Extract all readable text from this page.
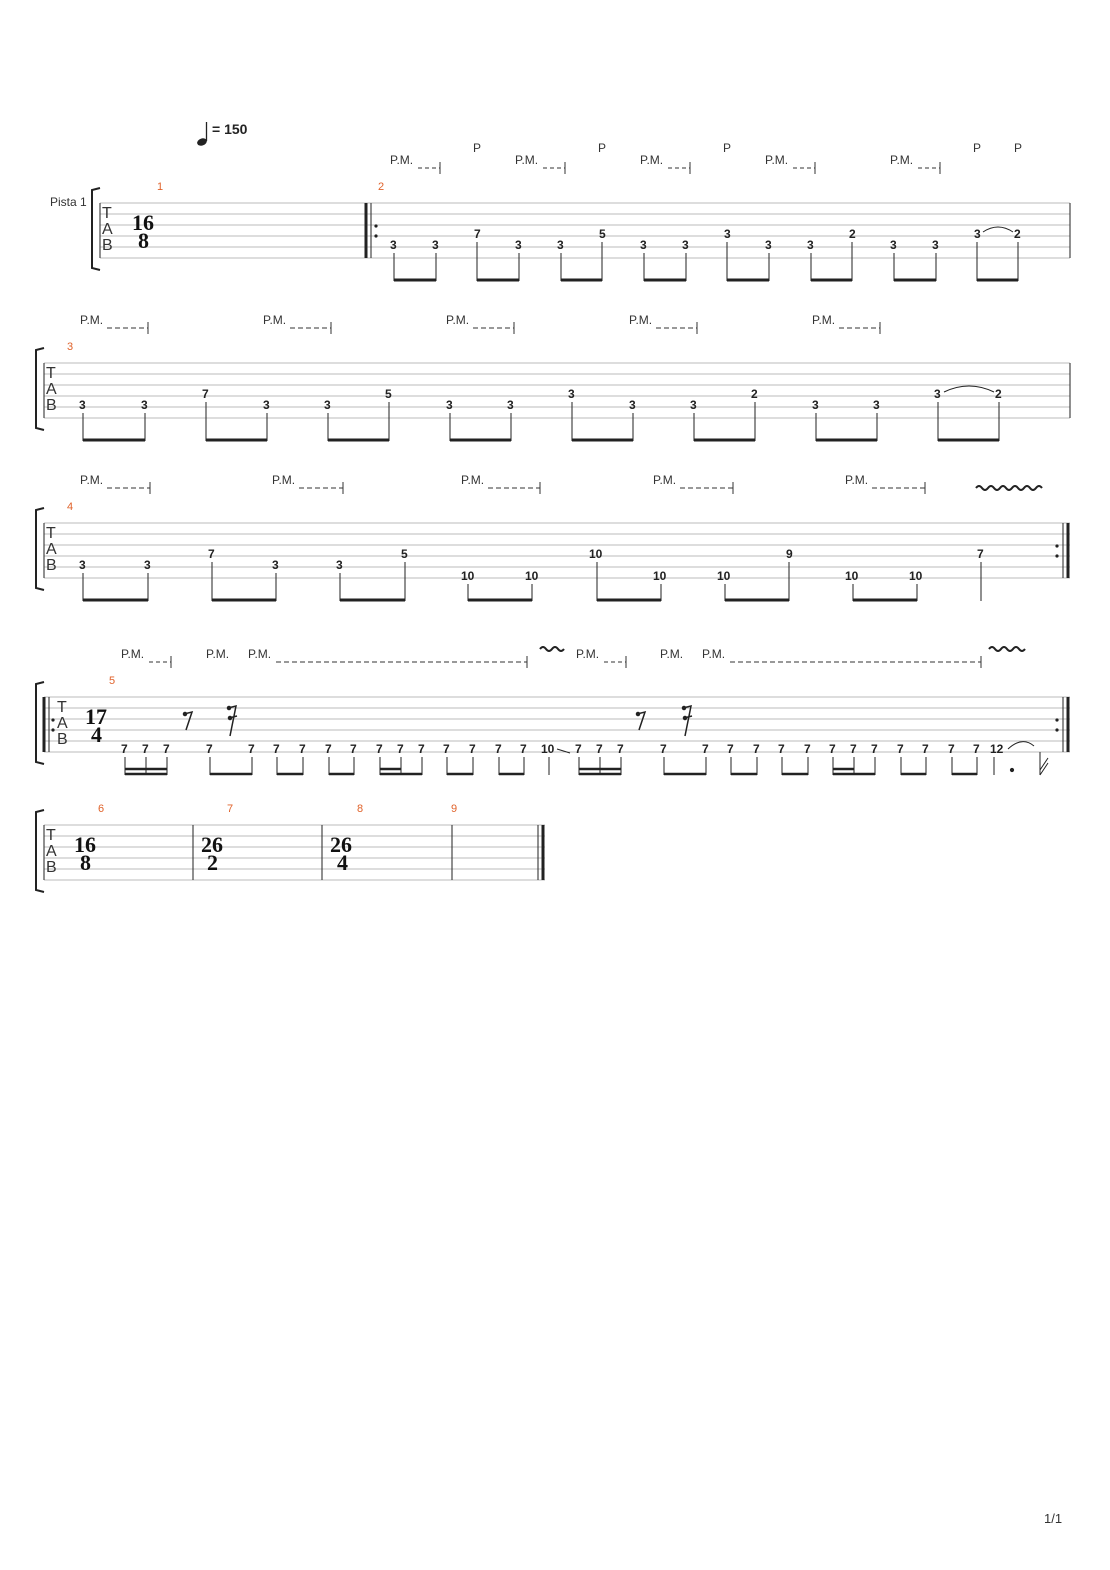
= 150
Pista 1
T
A
B
16
8
1	2
P.M.	P.M.	P.M.	P.M.	P.M.
P	P	P	P	P
3	3
7
3	3
5
3	3
3
3	3
2
3	3
3	2
T
A
B
3
P.M.	P.M.	P.M.	P.M.	P.M.
3	3
7
3	3
5
3	3
3
3	3
2
3	3
3	2
T
A
B
4
P.M.	P.M.	P.M.	P.M.	P.M.
3	3
7
3	3
5
10	10
10
10	10
9
10	10
7
T
A
B
17
4
5
P.M.	P.M. P.M.	P.M.	P.M. P.M.
7 7 7	7	7 7 7 7 7 7 7 7 7 7 7 7 10 7 7 7	7	7 7 7 7 7 7 7 7 7 7 7 7 12
T
A
B
6
16
8
7
26
2
8
26
4
9
1/1
